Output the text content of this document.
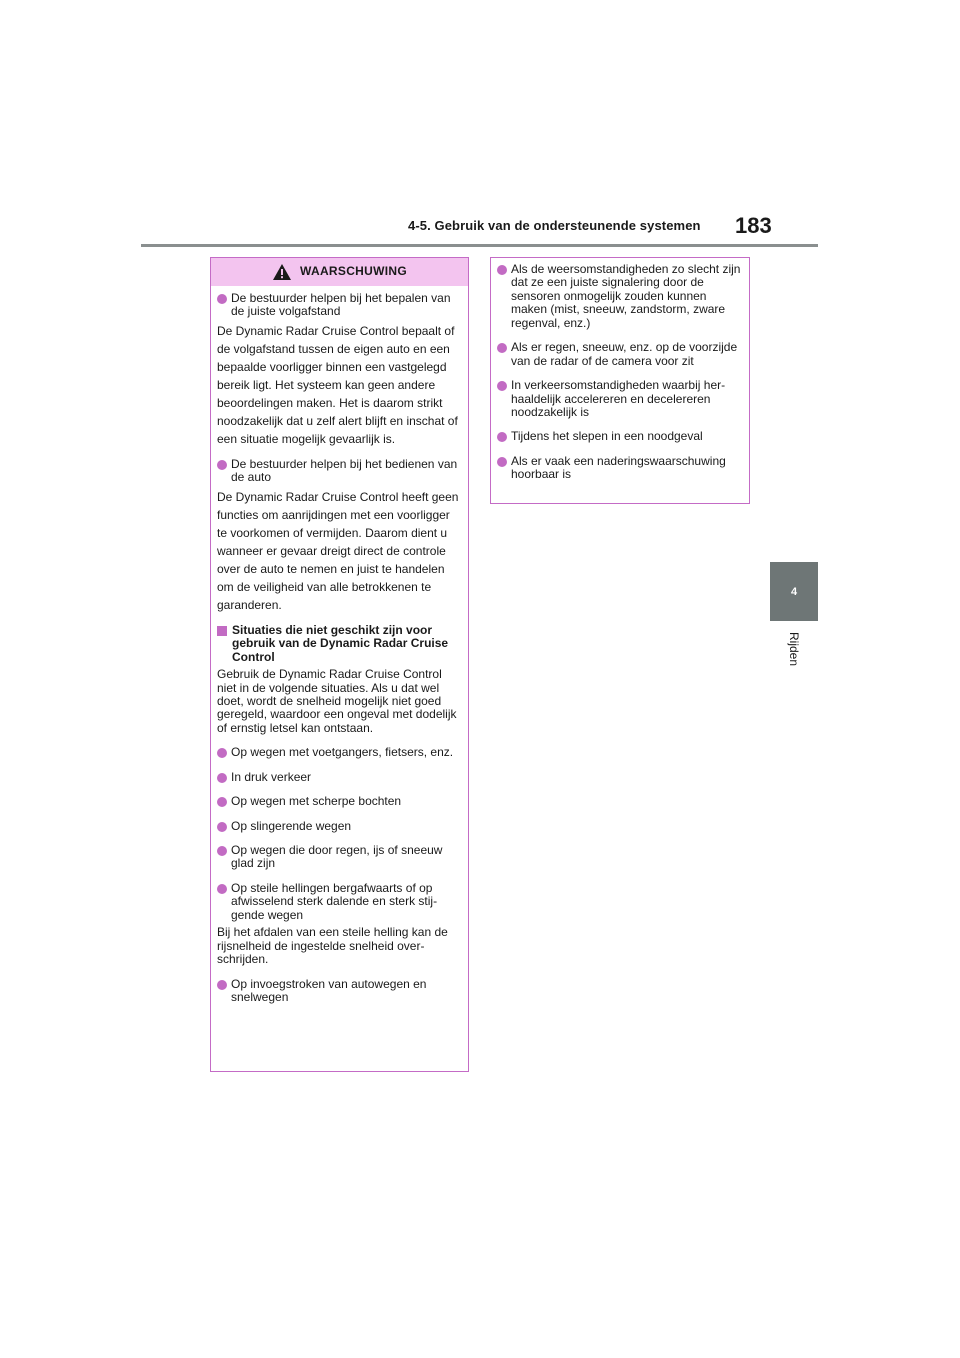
4-5. Gebruik van de ondersteunende systemen 183
4
Rijden
WAARSCHUWING
De bestuurder helpen bij het bepalen van de juiste volgafstand
De Dynamic Radar Cruise Control bepaalt of de volgafstand tussen de eigen auto en een bepaalde voorligger binnen een vastgelegd bereik ligt. Het systeem kan geen andere beoordelingen maken. Het is daarom strikt noodzakelijk dat u zelf alert blijft en inschat of een situatie mogelijk gevaarlijk is.
De bestuurder helpen bij het bedienen van de auto
De Dynamic Radar Cruise Control heeft geen functies om aanrijdingen met een voorligger te voorkomen of vermijden. Daarom dient u wanneer er gevaar dreigt direct de controle over de auto te nemen en juist te handelen om de veiligheid van alle betrokkenen te garanderen.
Situaties die niet geschikt zijn voor gebruik van de Dynamic Radar Cruise Control
Gebruik de Dynamic Radar Cruise Control niet in de volgende situaties. Als u dat wel doet, wordt de snelheid mogelijk niet goed geregeld, waardoor een ongeval met dodelijk of ernstig letsel kan ontstaan.
Op wegen met voetgangers, fietsers, enz.
In druk verkeer
Op wegen met scherpe bochten
Op slingerende wegen
Op wegen die door regen, ijs of sneeuw glad zijn
Op steile hellingen bergafwaarts of op afwisselend sterk dalende en sterk stijgende wegen
Bij het afdalen van een steile helling kan de rijsnelheid de ingestelde snelheid overschrijden.
Op invoegstroken van autowegen en snelwegen
Als de weersomstandigheden zo slecht zijn dat ze een juiste signalering door de sensoren onmogelijk zouden kunnen maken (mist, sneeuw, zandstorm, zware regenval, enz.)
Als er regen, sneeuw, enz. op de voorzijde van de radar of de camera voor zit
In verkeersomstandigheden waarbij herhaaldelijk accelereren en decelereren noodzakelijk is
Tijdens het slepen in een noodgeval
Als er vaak een naderingswaarschuwing hoorbaar is
